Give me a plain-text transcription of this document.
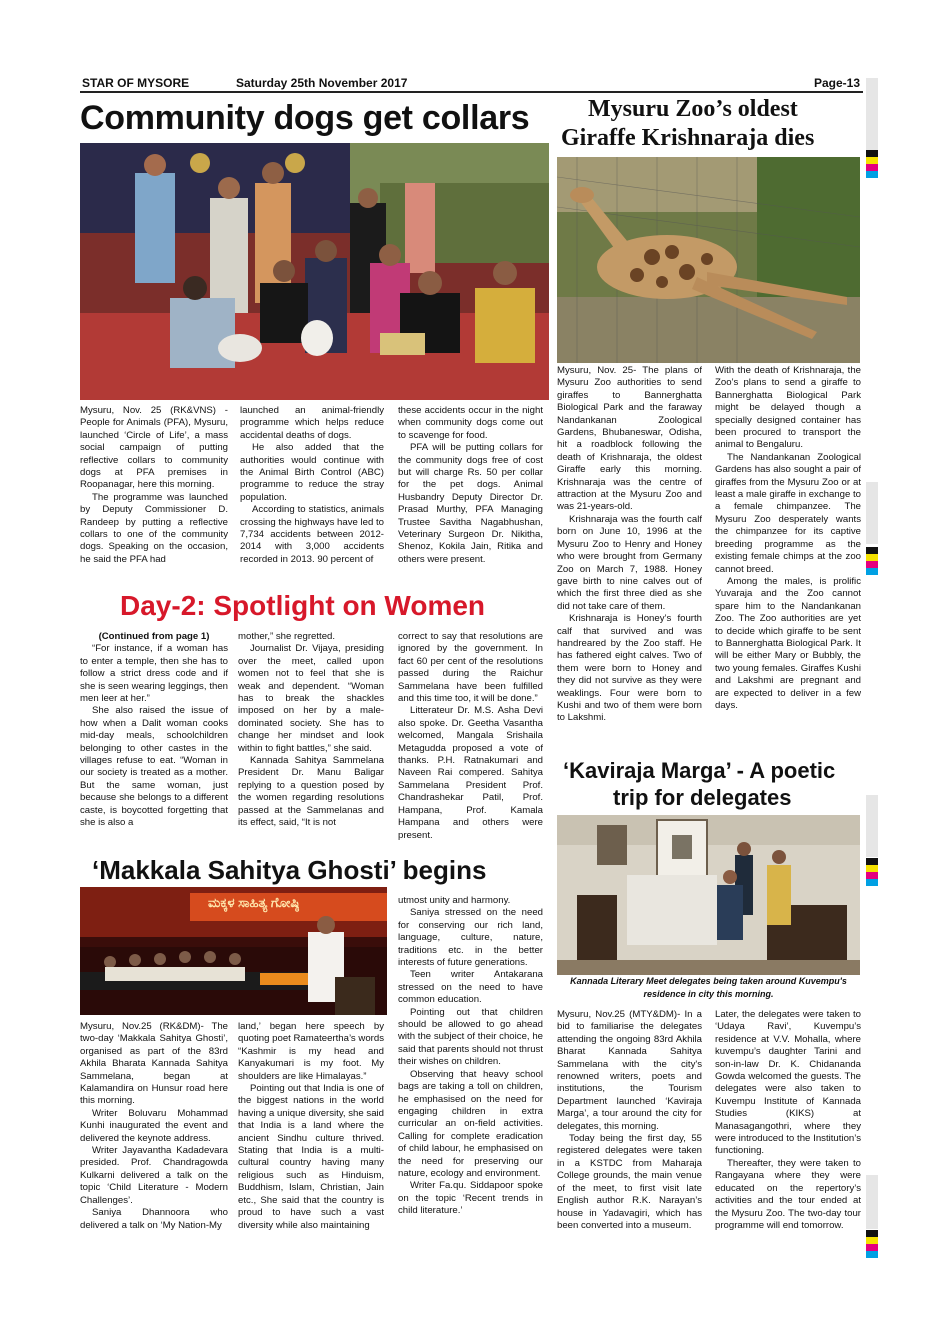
STAR OF MYSORE	Saturday 25th November 2017	Page-13
Community dogs get collars

Mysuru, Nov. 25 (RK&VNS) - People for Animals (PFA), Mysuru, launched ‘Circle of Life’, a mass social campaign of putting reflective collars to community dogs at PFA premises in Roopanagar, here this morning.

The programme was launched by Deputy Commissioner D. Randeep by putting a reflective collars to one of the community dogs. Speaking on the occasion, he said the PFA had

launched an animal-friendly programme which helps reduce accidental deaths of dogs.

He also added that the authorities would continue with the Animal Birth Control (ABC) programme to reduce the stray population.

According to statistics, animals crossing the highways have led to 7,734 accidents between 2012-2014 with 3,000 accidents recorded in 2013. 90 percent of

these accidents occur in the night when community dogs come out to scavenge for food.

PFA will be putting collars for the community dogs free of cost but will charge Rs. 50 per collar for the pet dogs. Animal Husbandry Deputy Director Dr. Prasad Murthy, PFA Managing Trustee Savitha Nagabhushan, Veterinary Surgeon Dr. Nikitha, Shenoz, Kokila Jain, Ritika and others were present.

Day-2: Spotlight on Women

(Continued from page 1)

“For instance, if a woman has to enter a temple, then she has to follow a strict dress code and if she is seen wearing leggings, then men leer at her.”

She also raised the issue of how when a Dalit woman cooks mid-day meals, schoolchildren belonging to other castes in the villages refuse to eat. “Woman in our society is treated as a mother. But the same woman, just because she belongs to a different caste, is boycotted forgetting that she is also a

mother,” she regretted.

Journalist Dr. Vijaya, presiding over the meet, called upon women not to feel that she is weak and dependent. “Woman has to break the shackles imposed on her by a male-dominated society. She has to change her mindset and look within to fight battles,” she said.

Kannada Sahitya Sammelana President Dr. Manu Baligar replying to a question posed by the women regarding resolutions passed at the Sammelanas and its effect, said, “It is not

correct to say that resolutions are ignored by the government. In fact 60 per cent of the resolutions passed during the Raichur Sammelana have been fulfilled and this time too, it will be done.”

Litterateur Dr. M.S. Asha Devi also spoke. Dr. Geetha Vasantha welcomed, Mangala Srishaila Metagudda proposed a vote of thanks. P.H. Ratnakumari and Naveen Rai compered. Sahitya Sammelana President Prof. Chandrashekar Patil, Prof. Hampana, Prof. Kamala Hampana and others were present.

‘Makkala Sahitya Ghosti’ begins
ಮಕ್ಕಳ ಸಾಹಿತ್ಯ ಗೋಷ್ಠಿ

Mysuru, Nov.25 (RK&DM)- The two-day ‘Makkala Sahitya Ghosti’, organised as part of the 83rd Akhila Bharata Kannada Sahitya Sammelana, began at Kalamandira on Hunsur road here this morning.

Writer Boluvaru Mohammad Kunhi inaugurated the event and delivered the keynote address.

Writer Jayavantha Kadadevara presided. Prof. Chandragowda Kulkarni delivered a talk on the topic ‘Child Literature - Modern Challenges’.

Saniya Dhannoora who delivered a talk on ‘My Nation-My

land,’ began here speech by quoting poet Ramateertha’s words “Kashmir is my head and Kanyakumari is my foot. My shoulders are like Himalayas.”

Pointing out that India is one of the biggest nations in the world having a unique diversity, she said that India is a land where the ancient Sindhu culture thrived. Stating that India is a multi-cultural country having many religious such as Hinduism, Buddhism, Islam, Christian, Jain etc., She said that the country is proud to have such a vast diversity while also maintaining

utmost unity and harmony.

Saniya stressed on the need for conserving our rich land, language, culture, nature, traditions etc. in the better interests of future generations.

Teen writer Antakarana stressed on the need to have common education.

Pointing out that children should be allowed to go ahead with the subject of their choice, he said that parents should not thrust their wishes on children.

Observing that heavy school bags are taking a toll on children, he emphasised on the need for engaging children in extra curricular an on-field activities. Calling for complete eradication of child labour, he emphasised on the need for preserving our nature, ecology and environment.

Writer Fa.qu. Siddapoor spoke on the topic ‘Recent trends in child literature.’

Mysuru Zoo’s oldest
Giraffe Krishnaraja dies

Mysuru, Nov. 25- The plans of Mysuru Zoo authorities to send giraffes to Bannerghatta Biological Park and the faraway Nandankanan Zoological Gardens, Bhubaneswar, Odisha, hit a roadblock following the death of Krishnaraja, the oldest Giraffe early this morning. Krishnaraja was the centre of attraction at the Mysuru Zoo and was 21-years-old.

Krishnaraja was the fourth calf born on June 10, 1996 at the Mysuru Zoo to Henry and Honey who were brought from Germany Zoo on March 7, 1988. Honey gave birth to nine calves out of which the first three died as she did not take care of them.

Krishnaraja is Honey’s fourth calf that survived and was handreared by the Zoo staff. He has fathered eight calves. Two of them were born to Honey and they did not survive as they were weaklings. Four were born to Kushi and two of them were born to Lakshmi.

With the death of Krishnaraja, the Zoo’s plans to send a giraffe to Bannerghatta Biological Park might be delayed though a specially designed container has been procured to transport the animal to Bengaluru.

The Nandankanan Zoological Gardens has also sought a pair of giraffes from the Mysuru Zoo or at least a male giraffe in exchange to a female chimpanzee. The Mysuru Zoo desperately wants the chimpanzee for its captive breeding programme as the existing female chimps at the zoo cannot breed.

Among the males, is prolific Yuvaraja and the Zoo cannot spare him to the Nandankanan Zoo. The Zoo authorities are yet to decide which giraffe to be sent to Bannerghatta Biological Park. It will be either Mary or Bubbly, the two young females. Giraffes Kushi and Lakshmi are pregnant and are expected to deliver in a few days.

‘Kaviraja Marga’ - A poetic
trip for delegates
Kannada Literary Meet delegates being taken around Kuvempu's residence in city this morning.

Mysuru, Nov.25 (MTY&DM)- In a bid to familiarise the delegates attending the ongoing 83rd Akhila Bharat Kannada Sahitya Sammelana with the city's renowned writers, poets and institutions, the Tourism Department launched ‘Kaviraja Marga’, a tour around the city for delegates, this morning.

Today being the first day, 55 registered delegates were taken in a KSTDC from Maharaja College grounds, the main venue of the meet, to first visit late English author R.K. Narayan’s house in Yadavagiri, which has been converted into a museum.

Later, the delegates were taken to ‘Udaya Ravi’, Kuvempu’s residence at V.V. Mohalla, where kuvempu’s daughter Tarini and son-in-law Dr. K. Chidananda Gowda welcomed the guests. The delegates were also taken to Kuvempu Institute of Kannada Studies (KIKS) at Manasagangothri, where they were introduced to the Institution’s functioning.

Thereafter, they were taken to Rangayana where they were educated on the repertory’s activities and the tour ended at the Mysuru Zoo. The two-day tour programme will end tomorrow.
